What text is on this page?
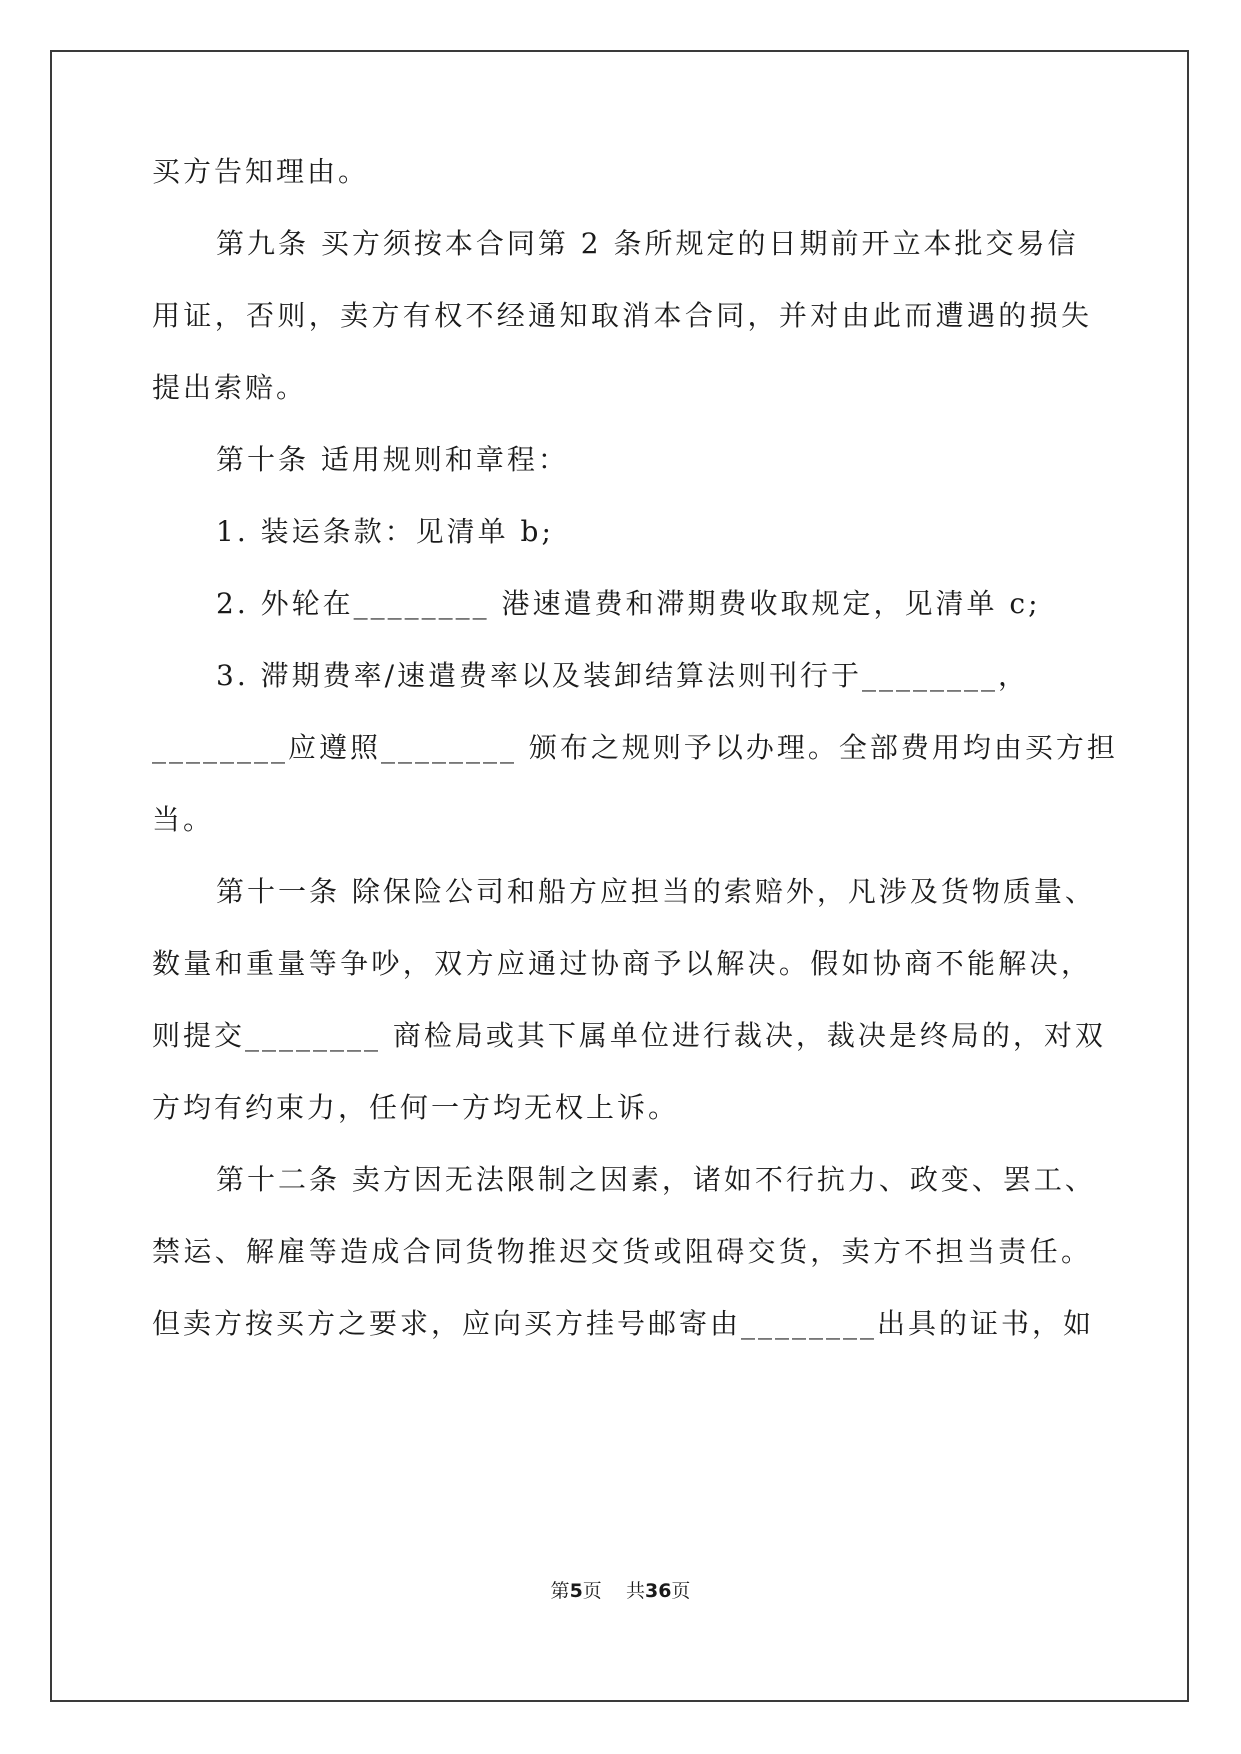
买方告知理由。
第九条 买方须按本合同第 2 条所规定的日期前开立本批交易信
用证，否则，卖方有权不经通知取消本合同，并对由此而遭遇的损失
提出索赔。
第十条 适用规则和章程：
1. 装运条款：见清单 b;
2. 外轮在________ 港速遣费和滞期费收取规定，见清单 c;
3. 滞期费率/速遣费率以及装卸结算法则刊行于________，
________应遵照________ 颁布之规则予以办理。全部费用均由买方担
当。
第十一条 除保险公司和船方应担当的索赔外，凡涉及货物质量、
数量和重量等争吵，双方应通过协商予以解决。假如协商不能解决，
则提交________ 商检局或其下属单位进行裁决，裁决是终局的，对双
方均有约束力，任何一方均无权上诉。
第十二条 卖方因无法限制之因素，诸如不行抗力、政变、罢工、
禁运、解雇等造成合同货物推迟交货或阻碍交货，卖方不担当责任。
但卖方按买方之要求，应向买方挂号邮寄由________出具的证书，如
第5页    共36页
